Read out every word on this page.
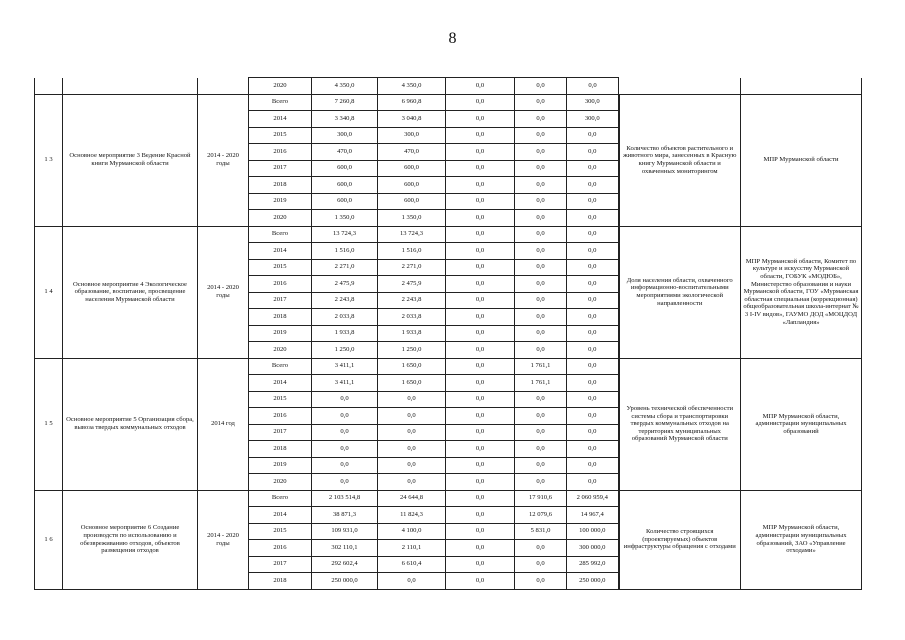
8
			2020	4 350,0	4 350,0	0,0	0,0	0,0		
1 3	Основное мероприятие 3 Ведение Красной книги Мурманской области	2014 - 2020 годы	Всего	7 260,8	6 960,8	0,0	0,0	300,0	Количество объектов растительного и животного мира, занесенных в Красную книгу Мурманской области и охваченных мониторингом	МПР Мурманской области
			2014	3 340,8	3 040,8	0,0	0,0	300,0		
			2015	300,0	300,0	0,0	0,0	0,0		
			2016	470,0	470,0	0,0	0,0	0,0		
			2017	600,0	600,0	0,0	0,0	0,0		
			2018	600,0	600,0	0,0	0,0	0,0		
			2019	600,0	600,0	0,0	0,0	0,0		
			2020	1 350,0	1 350,0	0,0	0,0	0,0		
1 4	Основное мероприятие 4 Экологическое образование, воспитание, просвещение населения Мурманской области	2014 - 2020 годы	Всего	13 724,3	13 724,3	0,0	0,0	0,0	Доля населения области, охваченного информационно-воспитательными мероприятиями экологической направленности	МПР Мурманской области, Комитет по культуре и искусству Мурманской области, ГОБУК «МОДЮБ», Министерство образования и науки Мурманской области, ГОУ «Мурманская областная специальная (коррекционная) общеобразовательная школа-интернат № 3 I-IV видов», ГАУМО ДОД «МОЦДОД «Лапландия»
			2014	1 516,0	1 516,0	0,0	0,0	0,0		
			2015	2 271,0	2 271,0	0,0	0,0	0,0		
			2016	2 475,9	2 475,9	0,0	0,0	0,0		
			2017	2 243,8	2 243,8	0,0	0,0	0,0		
			2018	2 033,8	2 033,8	0,0	0,0	0,0		
			2019	1 933,8	1 933,8	0,0	0,0	0,0		
			2020	1 250,0	1 250,0	0,0	0,0	0,0		
1 5	Основное мероприятие 5 Организация сбора, вывоза твердых коммунальных отходов	2014 год	Всего	3 411,1	1 650,0	0,0	1 761,1	0,0	Уровень технической обеспеченности системы сбора и транспортировки твердых коммунальных отходов на территориях муниципальных образований Мурманской области	МПР Мурманской области, администрации муниципальных образований
			2014	3 411,1	1 650,0	0,0	1 761,1	0,0		
			2015	0,0	0,0	0,0	0,0	0,0		
			2016	0,0	0,0	0,0	0,0	0,0		
			2017	0,0	0,0	0,0	0,0	0,0		
			2018	0,0	0,0	0,0	0,0	0,0		
			2019	0,0	0,0	0,0	0,0	0,0		
			2020	0,0	0,0	0,0	0,0	0,0		
1 6	Основное мероприятие 6 Создание производств по использованию и обезвреживанию отходов, объектов размещения отходов	2014 - 2020 годы	Всего	2 103 514,8	24 644,8	0,0	17 910,6	2 060 959,4	Количество строящихся (проектируемых) объектов инфраструктуры обращения с отходами	МПР Мурманской области, администрации муниципальных образований, ЗАО «Управление отходами»
			2014	38 871,3	11 824,3	0,0	12 079,6	14 967,4		
			2015	109 931,0	4 100,0	0,0	5 831,0	100 000,0		
			2016	302 110,1	2 110,1	0,0	0,0	300 000,0		
			2017	292 602,4	6 610,4	0,0	0,0	285 992,0		
			2018	250 000,0	0,0	0,0	0,0	250 000,0		
